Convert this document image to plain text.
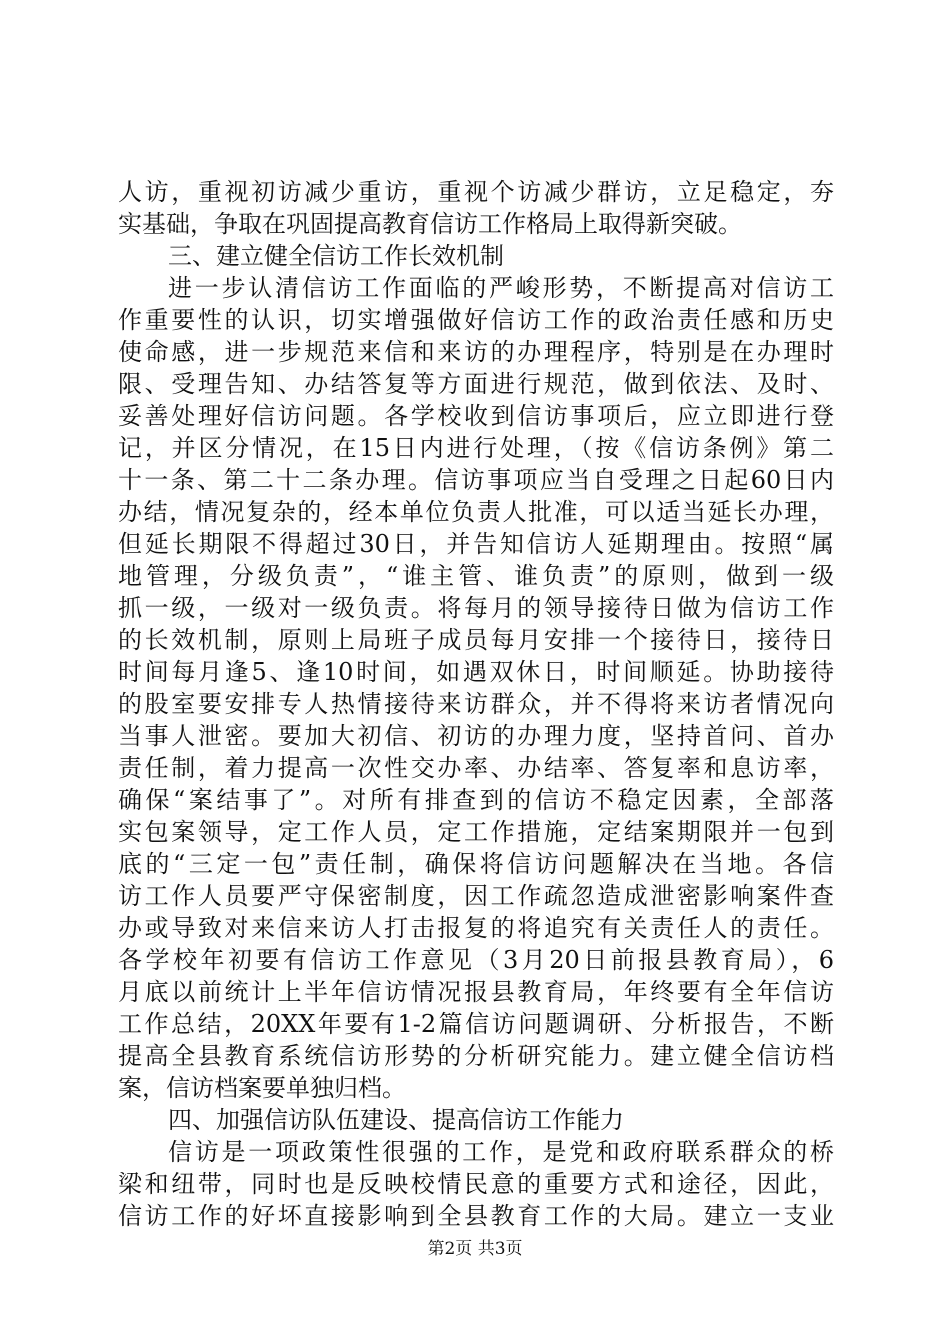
人访，重视初访减少重访，重视个访减少群访，立足稳定，夯
实基础，争取在巩固提高教育信访工作格局上取得新突破。
三、建立健全信访工作长效机制
进一步认清信访工作面临的严峻形势，不断提高对信访工
作重要性的认识，切实增强做好信访工作的政治责任感和历史
使命感，进一步规范来信和来访的办理程序，特别是在办理时
限、受理告知、办结答复等方面进行规范，做到依法、及时、
妥善处理好信访问题。各学校收到信访事项后，应立即进行登
记，并区分情况，在15日内进行处理，（按《信访条例》第二
十一条、第二十二条办理。信访事项应当自受理之日起60日内
办结，情况复杂的，经本单位负责人批准，可以适当延长办理，
但延长期限不得超过30日，并告知信访人延期理由。按照“属
地管理，分级负责”，“谁主管、谁负责”的原则，做到一级
抓一级，一级对一级负责。将每月的领导接待日做为信访工作
的长效机制，原则上局班子成员每月安排一个接待日，接待日
时间每月逢5、逢10时间，如遇双休日，时间顺延。协助接待
的股室要安排专人热情接待来访群众，并不得将来访者情况向
当事人泄密。要加大初信、初访的办理力度，坚持首问、首办
责任制，着力提高一次性交办率、办结率、答复率和息访率，
确保“案结事了”。对所有排查到的信访不稳定因素，全部落
实包案领导，定工作人员，定工作措施，定结案期限并一包到
底的“三定一包”责任制，确保将信访问题解决在当地。各信
访工作人员要严守保密制度，因工作疏忽造成泄密影响案件查
办或导致对来信来访人打击报复的将追究有关责任人的责任。
各学校年初要有信访工作意见（3月20日前报县教育局），6
月底以前统计上半年信访情况报县教育局，年终要有全年信访
工作总结，20XX年要有1-2篇信访问题调研、分析报告，不断
提高全县教育系统信访形势的分析研究能力。建立健全信访档
案，信访档案要单独归档。
四、加强信访队伍建设、提高信访工作能力
信访是一项政策性很强的工作，是党和政府联系群众的桥
梁和纽带，同时也是反映校情民意的重要方式和途径，因此，
信访工作的好坏直接影响到全县教育工作的大局。建立一支业
第2页 共3页
